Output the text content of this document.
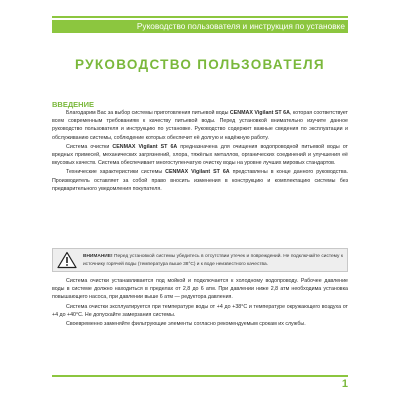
Руководство пользователя и инструкция по установке
РУКОВОДСТВО ПОЛЬЗОВАТЕЛЯ
ВВЕДЕНИЕ

Благодарим Вас за выбор системы приготовления питьевой воды CENMAX Vigilant ST 6A, которая соответствует всем современным требованиям к качеству питьевой воды. Перед установкой внимательно изучите данное руководство пользователя и инструкцию по установке. Руководство содержит важные сведения по эксплуатации и обслуживанию системы, соблюдение которых обеспечит её долгую и надёжную работу.

Система очистки CENMAX Vigilant ST 6A предназначена для очищения водопроводной питьевой воды от вредных примесей, механических загрязнений, хлора, тяжёлых металлов, органических соединений и улучшения её вкусовых качеств. Система обеспечивает многоступенчатую очистку воды на уровне лучших мировых стандартов.

Технические характеристики системы CENMAX Vigilant ST 6A представлены в конце данного руководства. Производитель оставляет за собой право вносить изменения в конструкцию и комплектацию системы без предварительного уведомления покупателя.

ВНИМАНИЕ! Перед установкой системы убедитесь в отсутствии утечек и повреждений. Не подключайте систему к источнику горячей воды (температура выше 38°С) и к воде неизвестного качества.

Система очистки устанавливается под мойкой и подключается к холодному водопроводу. Рабочее давление воды в системе должно находиться в пределах от 2,8 до 6 атм. При давлении ниже 2,8 атм необходима установка повышающего насоса, при давлении выше 6 атм — редуктора давления.

Система очистки эксплуатируется при температуре воды от +4 до +38°С и температуре окружающего воздуха от +4 до +40°С. Не допускайте замерзания системы.

Своевременно заменяйте фильтрующие элементы согласно рекомендуемым срокам их службы.

1
